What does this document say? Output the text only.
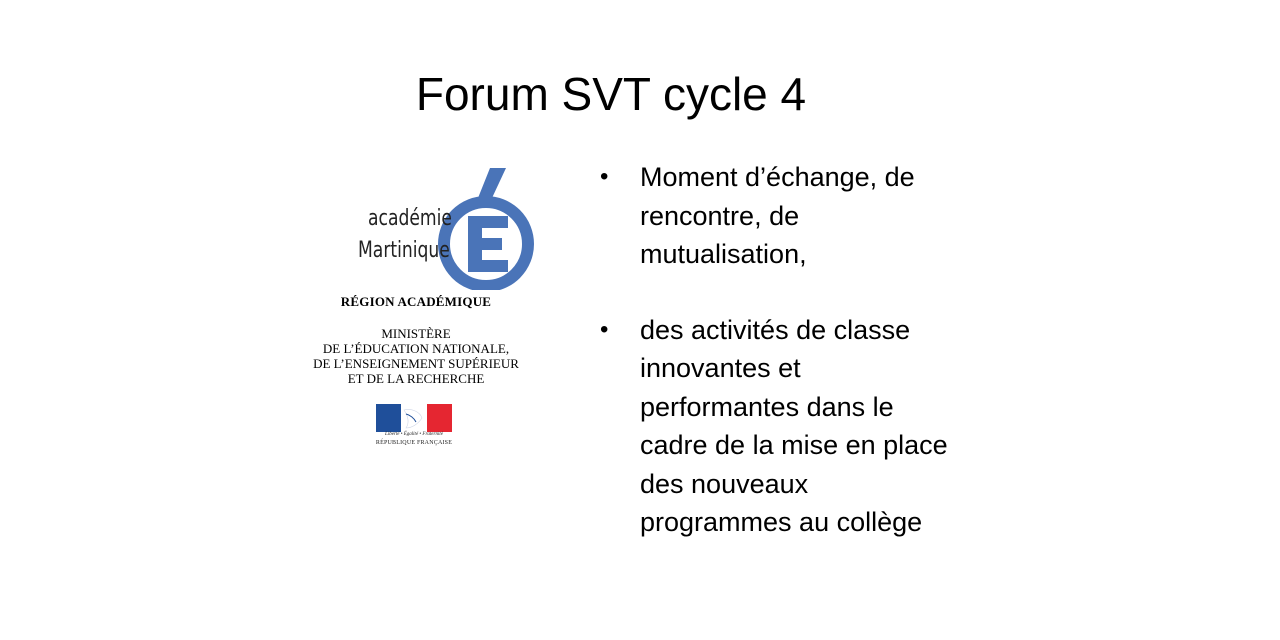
Forum SVT cycle 4
académie
Martinique
RÉGION ACADÉMIQUE
MINISTÈRE
DE L’ÉDUCATION NATIONALE,
DE L’ENSEIGNEMENT SUPÉRIEUR
ET DE LA RECHERCHE
Liberté • Égalité • Fraternité
RÉPUBLIQUE FRANÇAISE
• Moment d’échange, de
rencontre, de
mutualisation,
• des activités de classe
innovantes et
performantes dans le
cadre de la mise en place
des nouveaux
programmes au collège
